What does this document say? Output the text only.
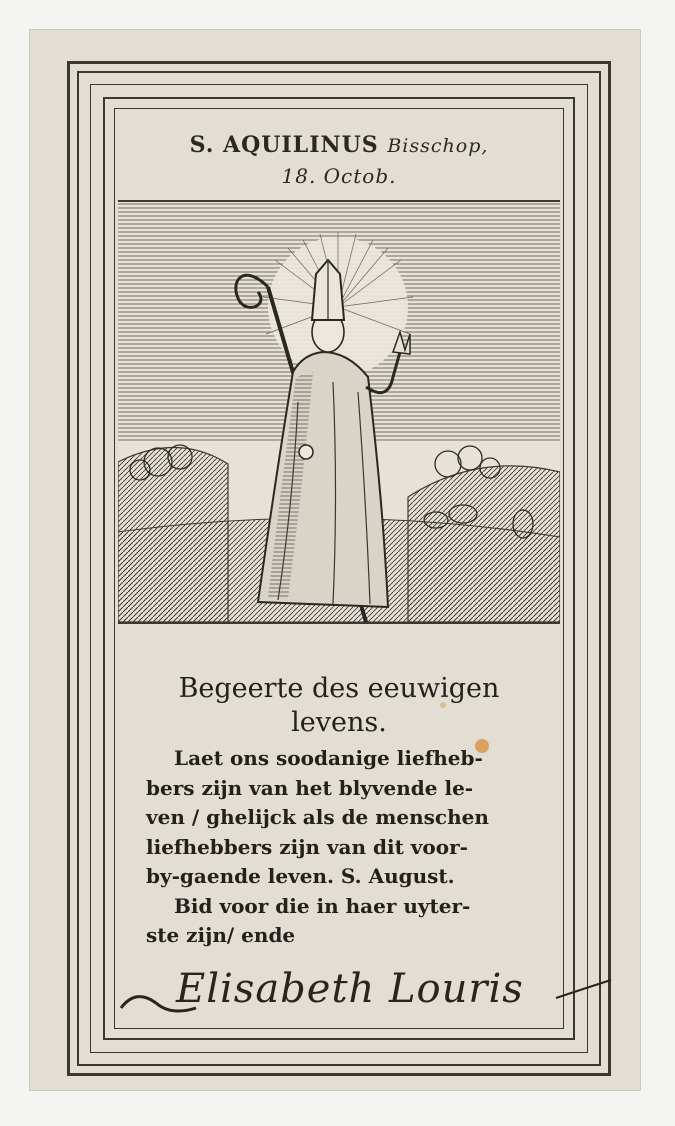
S. AQUILINUS Bisschop,
18. Octob.
Begeerte des eeuwigen
levens.
Laet ons soodanige liefheb-
bers zijn van het blyvende le-
ven / ghelijck als de menschen
liefhebbers zijn van dit voor-
by-gaende leven. S. August.
Bid voor die in haer uyter-
ste zijn/ ende
Elisabeth Louris
